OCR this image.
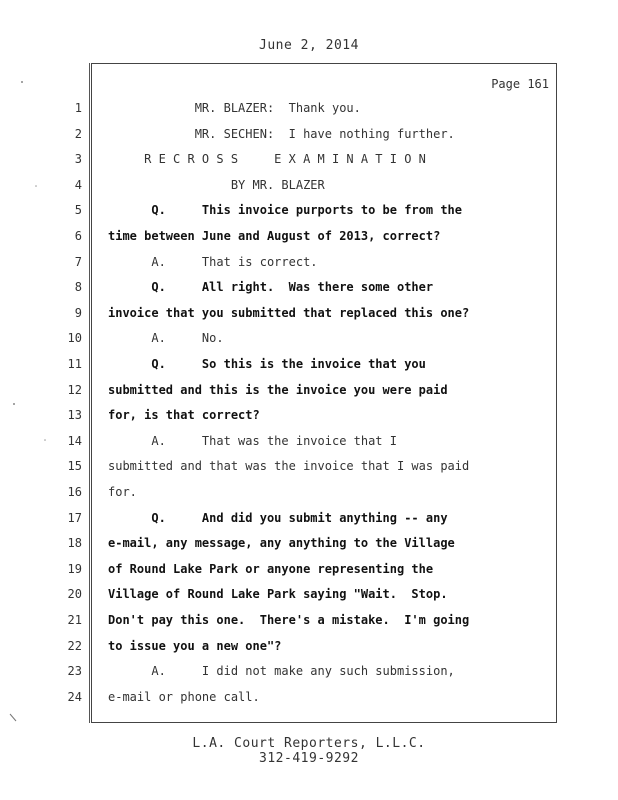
June 2, 2014
Page 161
1 MR. BLAZER:  Thank you.
2 MR. SECHEN:  I have nothing further.
3 R E C R O S S     E X A M I N A T I O N
4 BY MR. BLAZER
5 Q.     This invoice purports to be from the
6 time between June and August of 2013, correct?
7 A.     That is correct.
8 Q.     All right.  Was there some other
9 invoice that you submitted that replaced this one?
10 A.     No.
11 Q.     So this is the invoice that you
12 submitted and this is the invoice you were paid
13 for, is that correct?
14 A.     That was the invoice that I
15 submitted and that was the invoice that I was paid
16 for.
17 Q.     And did you submit anything -- any
18 e-mail, any message, any anything to the Village
19 of Round Lake Park or anyone representing the
20 Village of Round Lake Park saying "Wait.  Stop.
21 Don't pay this one.  There's a mistake.  I'm going
22 to issue you a new one"?
23 A.     I did not make any such submission,
24 e-mail or phone call.
L.A. Court Reporters, L.L.C.
312-419-9292
